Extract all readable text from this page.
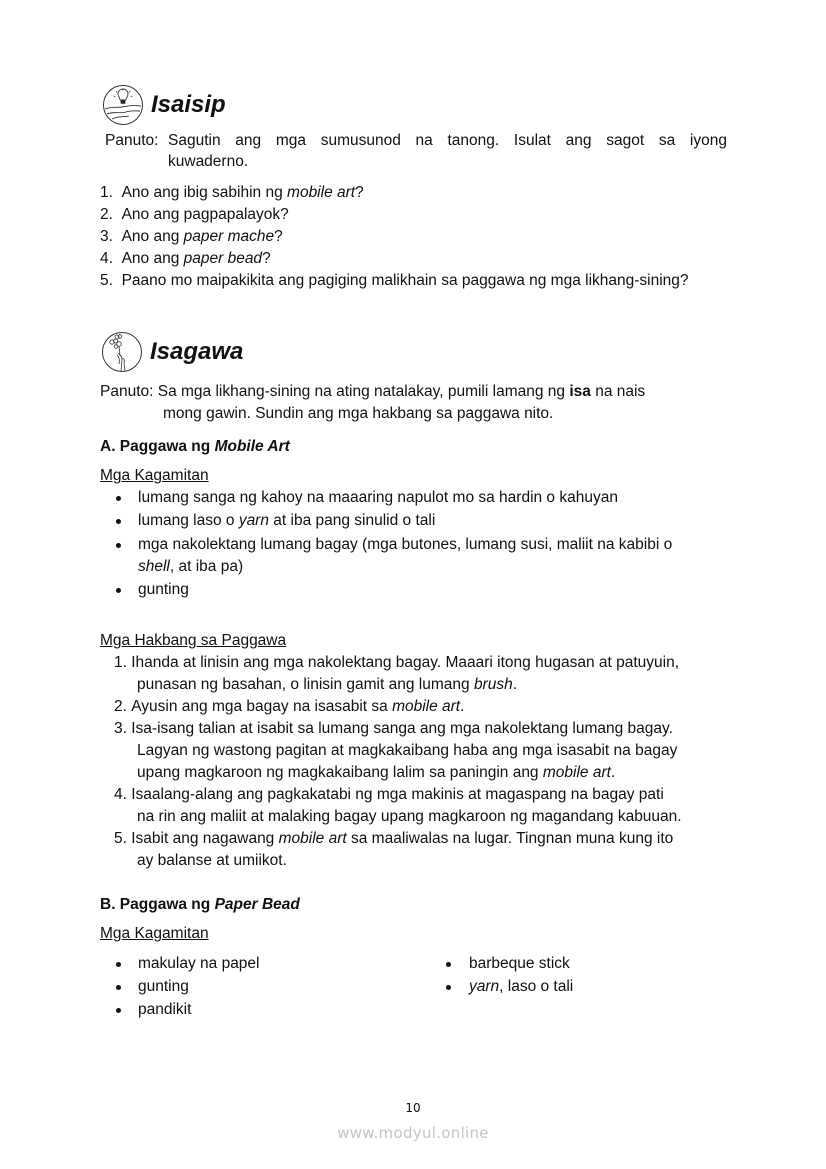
Isaisip
Panuto: Sagutin ang mga sumusunod na tanong. Isulat ang sagot sa iyong
kuwaderno.
1. Ano ang ibig sabihin ng mobile art?
2. Ano ang pagpapalayok?
3. Ano ang paper mache?
4. Ano ang paper bead?
5. Paano mo maipakikita ang pagiging malikhain sa paggawa ng mga likhang-sining?
Isagawa
Panuto: Sa mga likhang-sining na ating natalakay, pumili lamang ng isa na nais
mong gawin. Sundin ang mga hakbang sa paggawa nito.
A. Paggawa ng Mobile Art
Mga Kagamitan
lumang sanga ng kahoy na maaaring napulot mo sa hardin o kahuyan
lumang laso o yarn at iba pang sinulid o tali
mga nakolektang lumang bagay (mga butones, lumang susi, maliit na kabibi o
shell, at iba pa)
gunting
Mga Hakbang sa Paggawa
1. Ihanda at linisin ang mga nakolektang bagay. Maaari itong hugasan at patuyuin,
punasan ng basahan, o linisin gamit ang lumang brush.
2. Ayusin ang mga bagay na isasabit sa mobile art.
3. Isa-isang talian at isabit sa lumang sanga ang mga nakolektang lumang bagay.
Lagyan ng wastong pagitan at magkakaibang haba ang mga isasabit na bagay
upang magkaroon ng magkakaibang lalim sa paningin ang mobile art.
4. Isaalang-alang ang pagkakatabi ng mga makinis at magaspang na bagay pati
na rin ang maliit at malaking bagay upang magkaroon ng magandang kabuuan.
5. Isabit ang nagawang mobile art sa maaliwalas na lugar. Tingnan muna kung ito
ay balanse at umiikot.
B. Paggawa ng Paper Bead
Mga Kagamitan
makulay na papel
gunting
pandikit
barbeque stick
yarn, laso o tali
10
www.modyul.online
